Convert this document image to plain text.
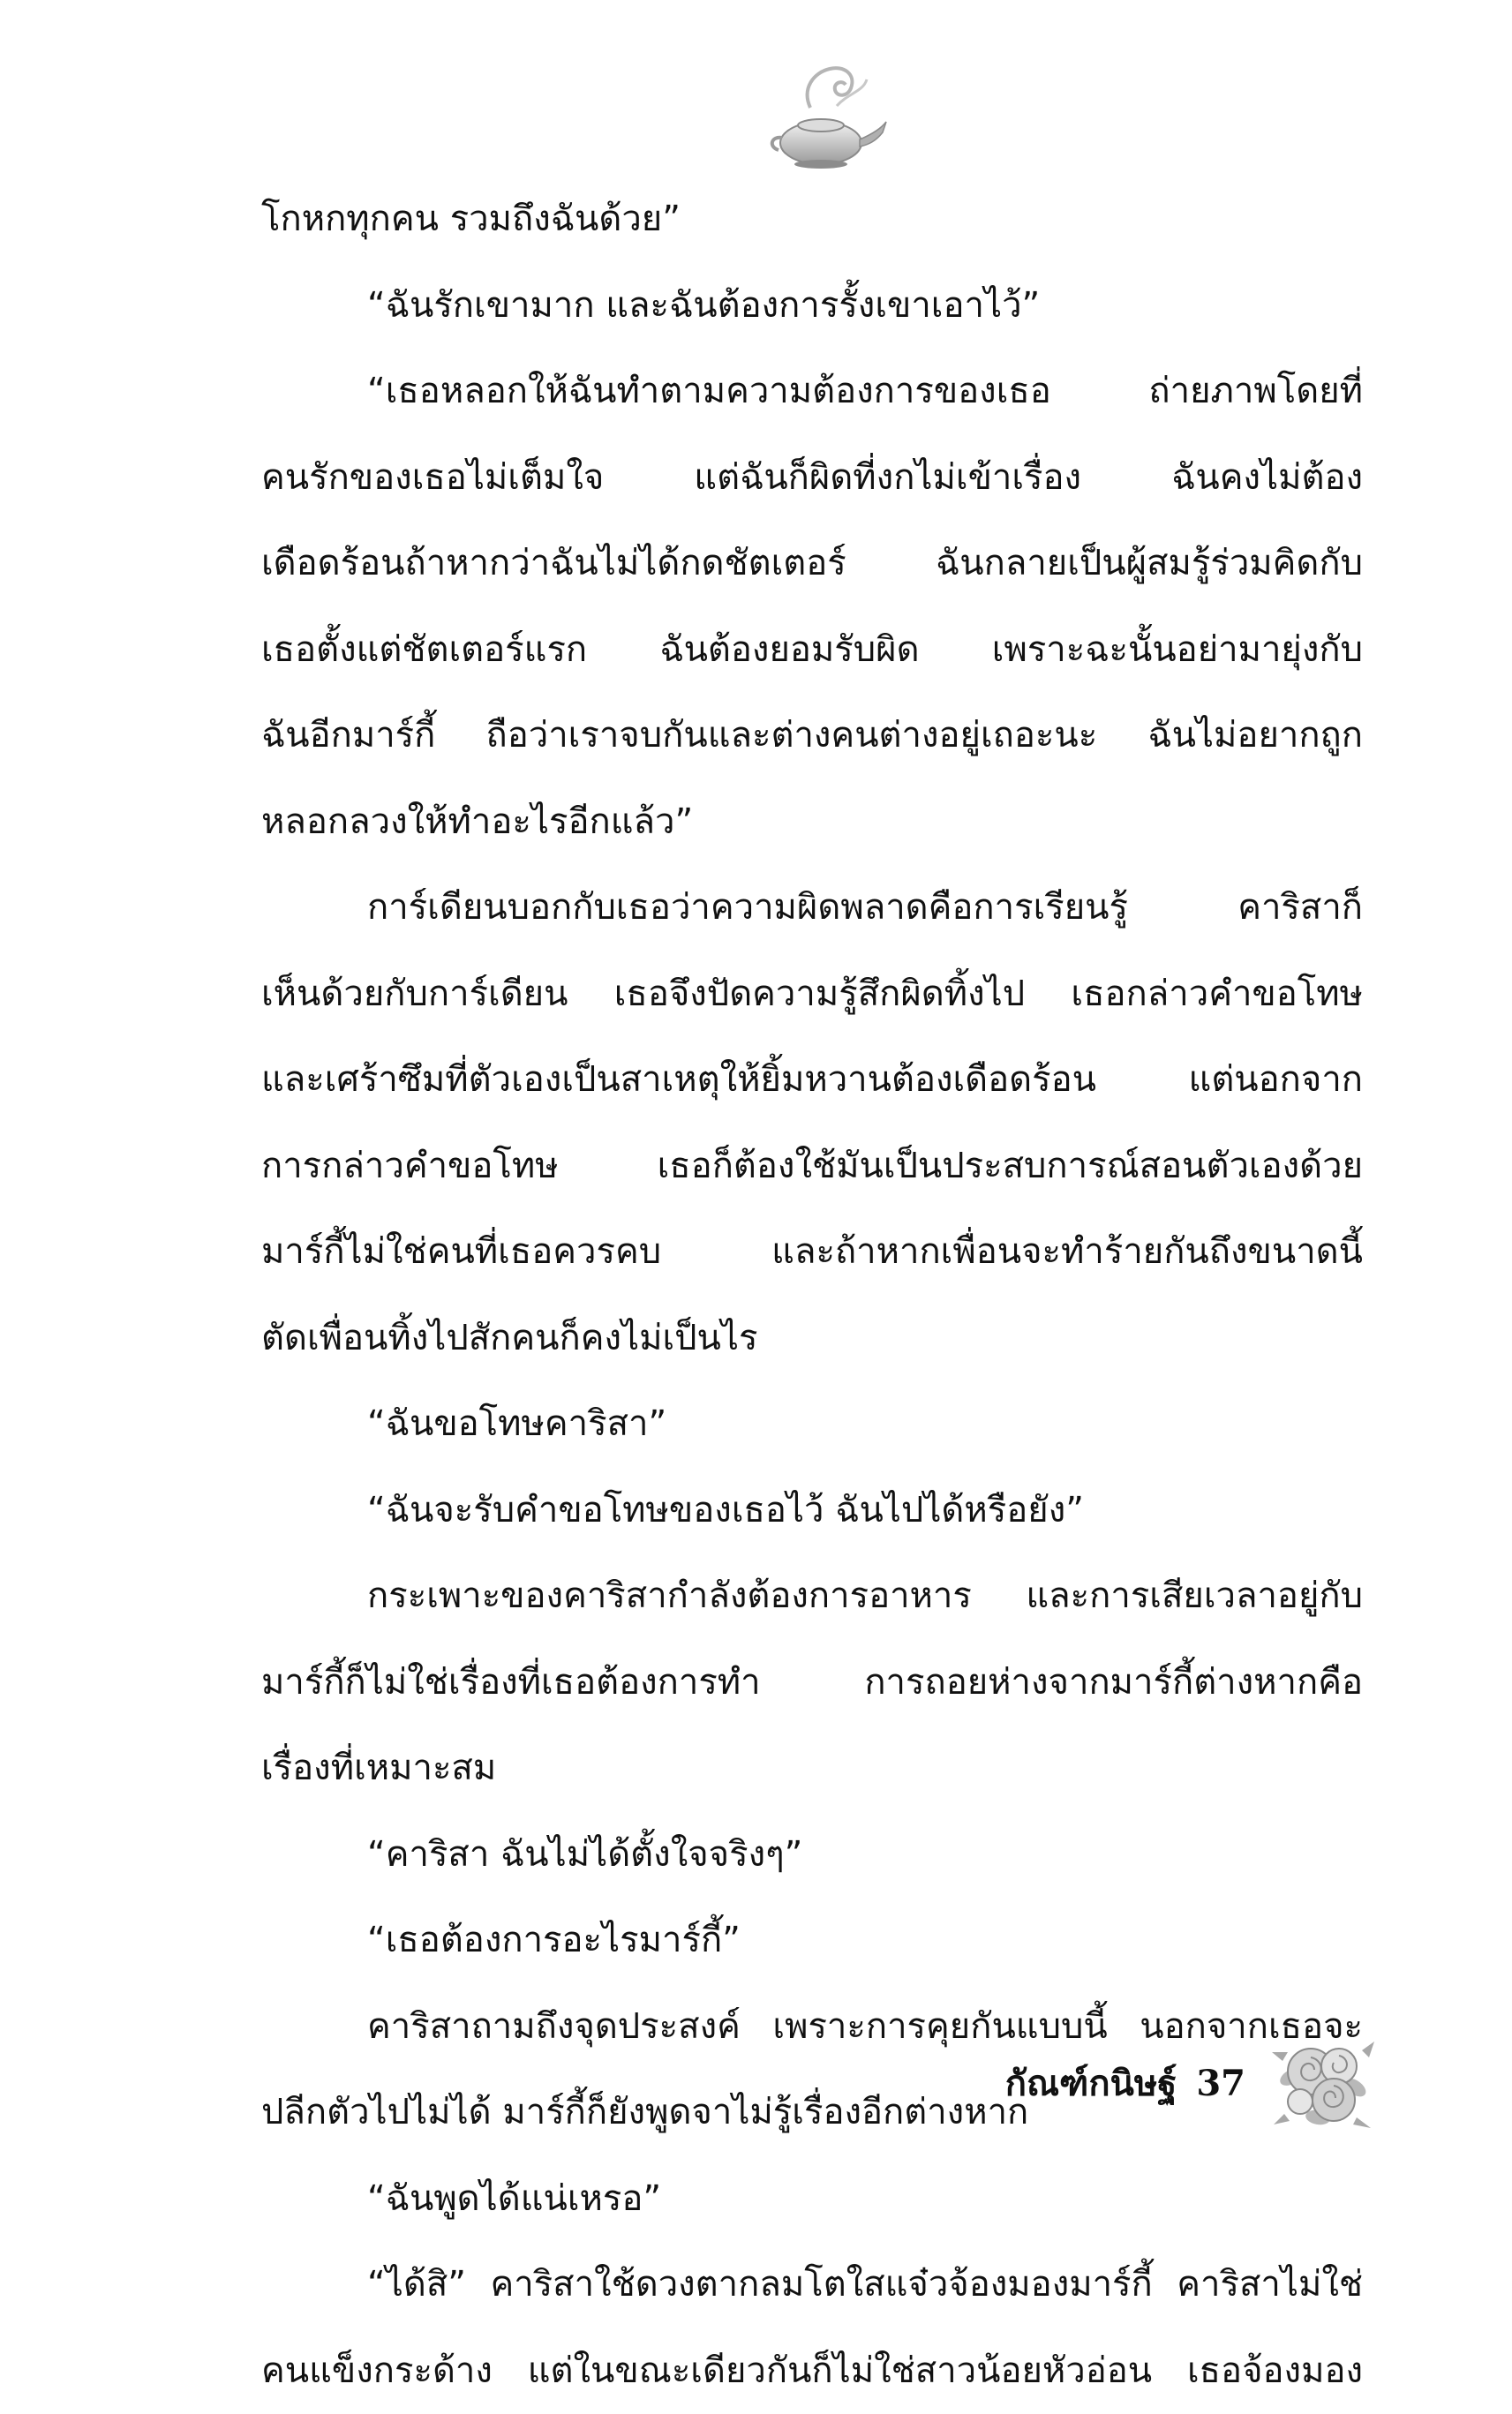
โกหกทุกคน รวมถึงฉันด้วย”
“ฉันรักเขามาก และฉันต้องการรั้งเขาเอาไว้”
“เธอหลอกให้ฉันทำตามความต้องการของเธอ ถ่ายภาพโดยที่
คนรักของเธอไม่เต็มใจ แต่ฉันก็ผิดที่งกไม่เข้าเรื่อง ฉันคงไม่ต้อง
เดือดร้อนถ้าหากว่าฉันไม่ได้กดชัตเตอร์ ฉันกลายเป็นผู้สมรู้ร่วมคิดกับ
เธอตั้งแต่ชัตเตอร์แรก ฉันต้องยอมรับผิด เพราะฉะนั้นอย่ามายุ่งกับ
ฉันอีกมาร์กี้ ถือว่าเราจบกันและต่างคนต่างอยู่เถอะนะ ฉันไม่อยากถูก
หลอกลวงให้ทำอะไรอีกแล้ว”
การ์เดียนบอกกับเธอว่าความผิดพลาดคือการเรียนรู้ คาริสาก็
เห็นด้วยกับการ์เดียน เธอจึงปัดความรู้สึกผิดทิ้งไป เธอกล่าวคำขอโทษ
และเศร้าซึมที่ตัวเองเป็นสาเหตุให้ยิ้มหวานต้องเดือดร้อน แต่นอกจาก
การกล่าวคำขอโทษ เธอก็ต้องใช้มันเป็นประสบการณ์สอนตัวเองด้วย
มาร์กี้ไม่ใช่คนที่เธอควรคบ และถ้าหากเพื่อนจะทำร้ายกันถึงขนาดนี้
ตัดเพื่อนทิ้งไปสักคนก็คงไม่เป็นไร
“ฉันขอโทษคาริสา”
“ฉันจะรับคำขอโทษของเธอไว้ ฉันไปได้หรือยัง”
กระเพาะของคาริสากำลังต้องการอาหาร และการเสียเวลาอยู่กับ
มาร์กี้ก็ไม่ใช่เรื่องที่เธอต้องการทำ การถอยห่างจากมาร์กี้ต่างหากคือ
เรื่องที่เหมาะสม
“คาริสา ฉันไม่ได้ตั้งใจจริงๆ”
“เธอต้องการอะไรมาร์กี้”
คาริสาถามถึงจุดประสงค์ เพราะการคุยกันแบบนี้ นอกจากเธอจะ
ปลีกตัวไปไม่ได้ มาร์กี้ก็ยังพูดจาไม่รู้เรื่องอีกต่างหาก
“ฉันพูดได้แน่เหรอ”
“ได้สิ” คาริสาใช้ดวงตากลมโตใสแจ๋วจ้องมองมาร์กี้ คาริสาไม่ใช่
คนแข็งกระด้าง แต่ในขณะเดียวกันก็ไม่ใช่สาวน้อยหัวอ่อน เธอจ้องมอง
กัณฑ์กนิษฐ์ 37
